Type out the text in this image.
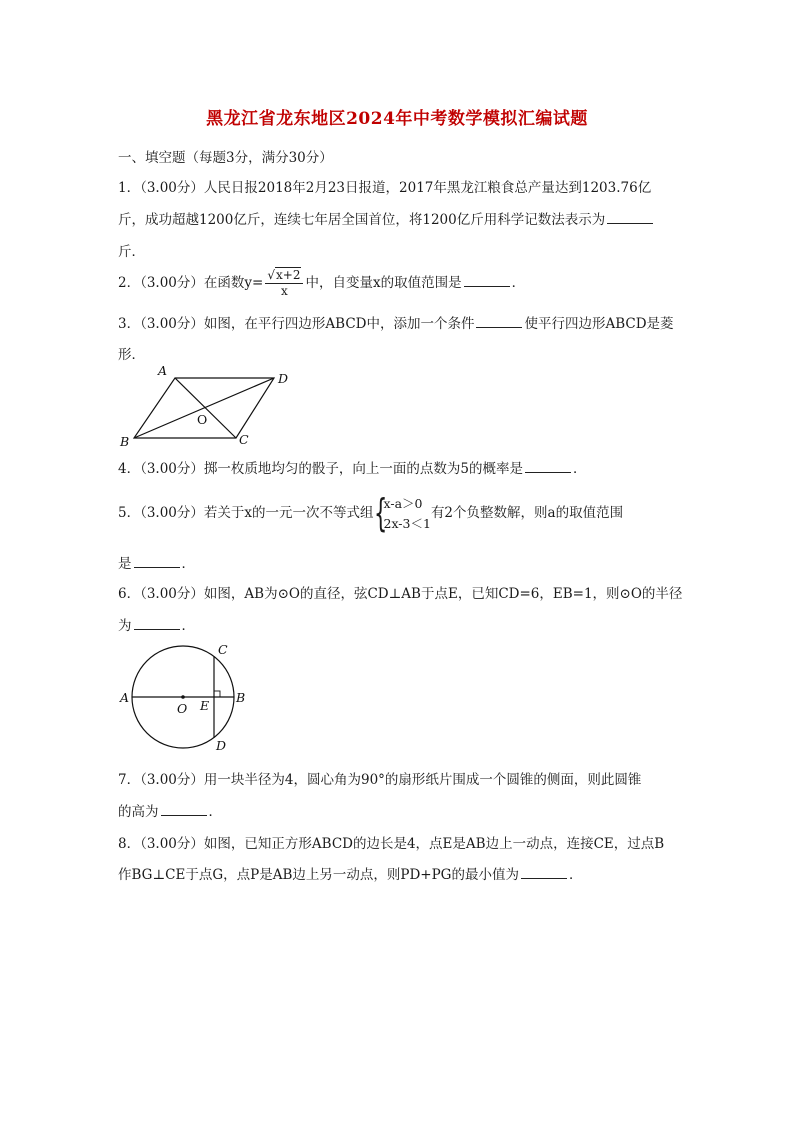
黑龙江省龙东地区2024年中考数学模拟汇编试题
一、填空题（每题3分，满分30分）
1．（3.00分）人民日报2018年2月23日报道，2017年黑龙江粮食总产量达到1203.76亿
斤，成功超越1200亿斤，连续七年居全国首位，将1200亿斤用科学记数法表示为
斤．
2．（3.00分）在函数$y= \frac{√x+2}{x}$ 中，自变量x的取值范围是	．
3．（3.00分）如图，在平行四边形ABCD中，添加一个条件	使平行四边形ABCD是菱
形．
A
D
B	C
O
4．（3.00分）掷一枚质地均匀的骰子，向上一面的点数为5的概率是	．
5．（3.00分）若关于x的一元一次不等式组 {
x-a＞0
2x-3＜1
有2个负整数解，则a的取值范围
是	．
6．（3.00分）如图，AB为⊙O的直径，弦CD⊥AB于点E，已知CD=6，EB=1，则⊙O的半径
为	．
A	B
C
D
O E
7．（3.00分）用一块半径为4，圆心角为90°的扇形纸片围成一个圆锥的侧面，则此圆锥
的高为	．
8．（3.00分）如图，已知正方形ABCD的边长是4，点E是AB边上一动点，连接CE，过点B
作BG⊥CE于点G，点P是AB边上另一动点，则PD+PG的最小值为	．
